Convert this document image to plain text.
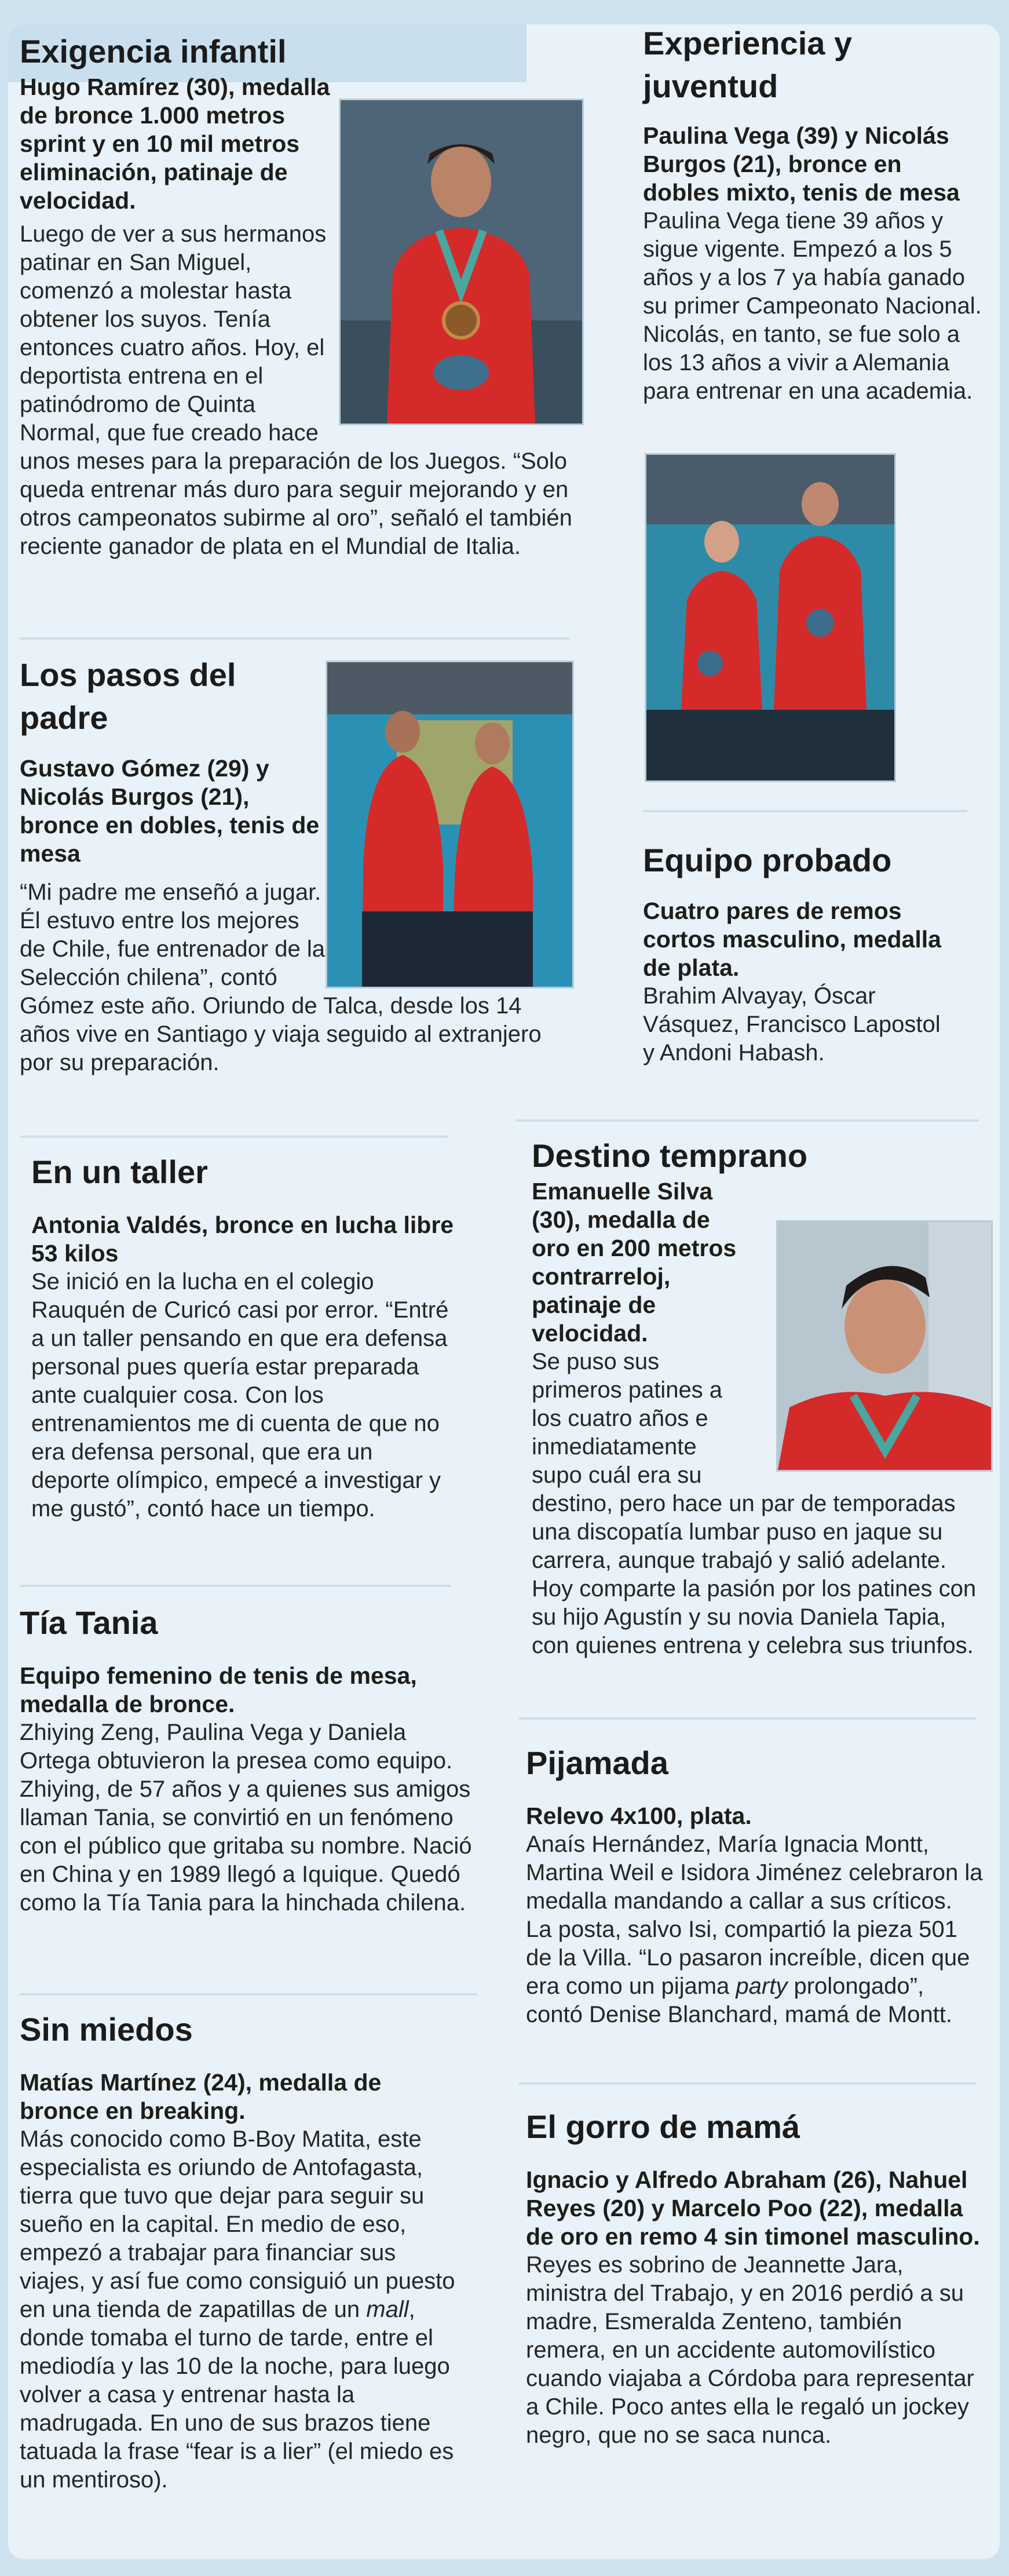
Exigencia infantil

Hugo Ramírez (30), medalla de bronce 1.000 metros sprint y en 10 mil metros eliminación, patinaje de velocidad.

Luego de ver a sus hermanos patinar en San Miguel, comenzó a molestar hasta obtener los suyos. Tenía entonces cuatro años. Hoy, el deportista entrena en el patinódromo de Quinta Normal, que fue creado hace unos meses para la preparación de los Juegos. “Solo queda entrenar más duro para seguir mejorando y en otros campeonatos subirme al oro”, señaló el también reciente ganador de plata en el Mundial de Italia.

Experiencia y juventud

Paulina Vega (39) y Nicolás Burgos (21), bronce en dobles mixto, tenis de mesa

Paulina Vega tiene 39 años y sigue vigente. Empezó a los 5 años y a los 7 ya había ganado su primer Campeonato Nacional. Nicolás, en tanto, se fue solo a los 13 años a vivir a Alemania para entrenar en una academia.

Los pasos del padre

Gustavo Gómez (29) y Nicolás Burgos (21), bronce en dobles, tenis de mesa

“Mi padre me enseñó a jugar. Él estuvo entre los mejores de Chile, fue entrenador de la Selección chilena”, contó Gómez este año. Oriundo de Talca, desde los 14 años vive en Santiago y viaja seguido al extranjero por su preparación.

Equipo probado

Cuatro pares de remos cortos masculino, medalla de plata.

Brahim Alvayay, Óscar Vásquez, Francisco Lapostol y Andoni Habash.

En un taller

Antonia Valdés, bronce en lucha libre 53 kilos

Se inició en la lucha en el colegio Rauquén de Curicó casi por error. “Entré a un taller pensando en que era defensa personal pues quería estar preparada ante cualquier cosa. Con los entrenamientos me di cuenta de que no era defensa personal, que era un deporte olímpico, empecé a investigar y me gustó”, contó hace un tiempo.

Destino temprano

Emanuelle Silva (30), medalla de oro en 200 metros contrarreloj, patinaje de velocidad.

Se puso sus primeros patines a los cuatro años e inmediatamente supo cuál era su

destino, pero hace un par de temporadas una discopatía lumbar puso en jaque su carrera, aunque trabajó y salió adelante. Hoy comparte la pasión por los patines con su hijo Agustín y su novia Daniela Tapia, con quienes entrena y celebra sus triunfos.

Tía Tania

Equipo femenino de tenis de mesa, medalla de bronce.

Zhiying Zeng, Paulina Vega y Daniela Ortega obtuvieron la presea como equipo. Zhiying, de 57 años y a quienes sus amigos llaman Tania, se convirtió en un fenómeno con el público que gritaba su nombre. Nació en China y en 1989 llegó a Iquique. Quedó como la Tía Tania para la hinchada chilena.

Pijamada

Relevo 4x100, plata.

Anaís Hernández, María Ignacia Montt, Martina Weil e Isidora Jiménez celebraron la medalla mandando a callar a sus críticos. La posta, salvo Isi, compartió la pieza 501 de la Villa. “Lo pasaron increíble, dicen que era como un pijama party prolongado”, contó Denise Blanchard, mamá de Montt.

Sin miedos

Matías Martínez (24), medalla de bronce en breaking.

Más conocido como B-Boy Matita, este especialista es oriundo de Antofagasta, tierra que tuvo que dejar para seguir su sueño en la capital. En medio de eso, empezó a trabajar para financiar sus viajes, y así fue como consiguió un puesto en una tienda de zapatillas de un mall, donde tomaba el turno de tarde, entre el mediodía y las 10 de la noche, para luego volver a casa y entrenar hasta la madrugada. En uno de sus brazos tiene tatuada la frase “fear is a lier” (el miedo es un mentiroso).

El gorro de mamá

Ignacio y Alfredo Abraham (26), Nahuel Reyes (20) y Marcelo Poo (22), medalla de oro en remo 4 sin timonel masculino.

Reyes es sobrino de Jeannette Jara, ministra del Trabajo, y en 2016 perdió a su madre, Esmeralda Zenteno, también remera, en un accidente automovilístico cuando viajaba a Córdoba para representar a Chile. Poco antes ella le regaló un jockey negro, que no se saca nunca.
